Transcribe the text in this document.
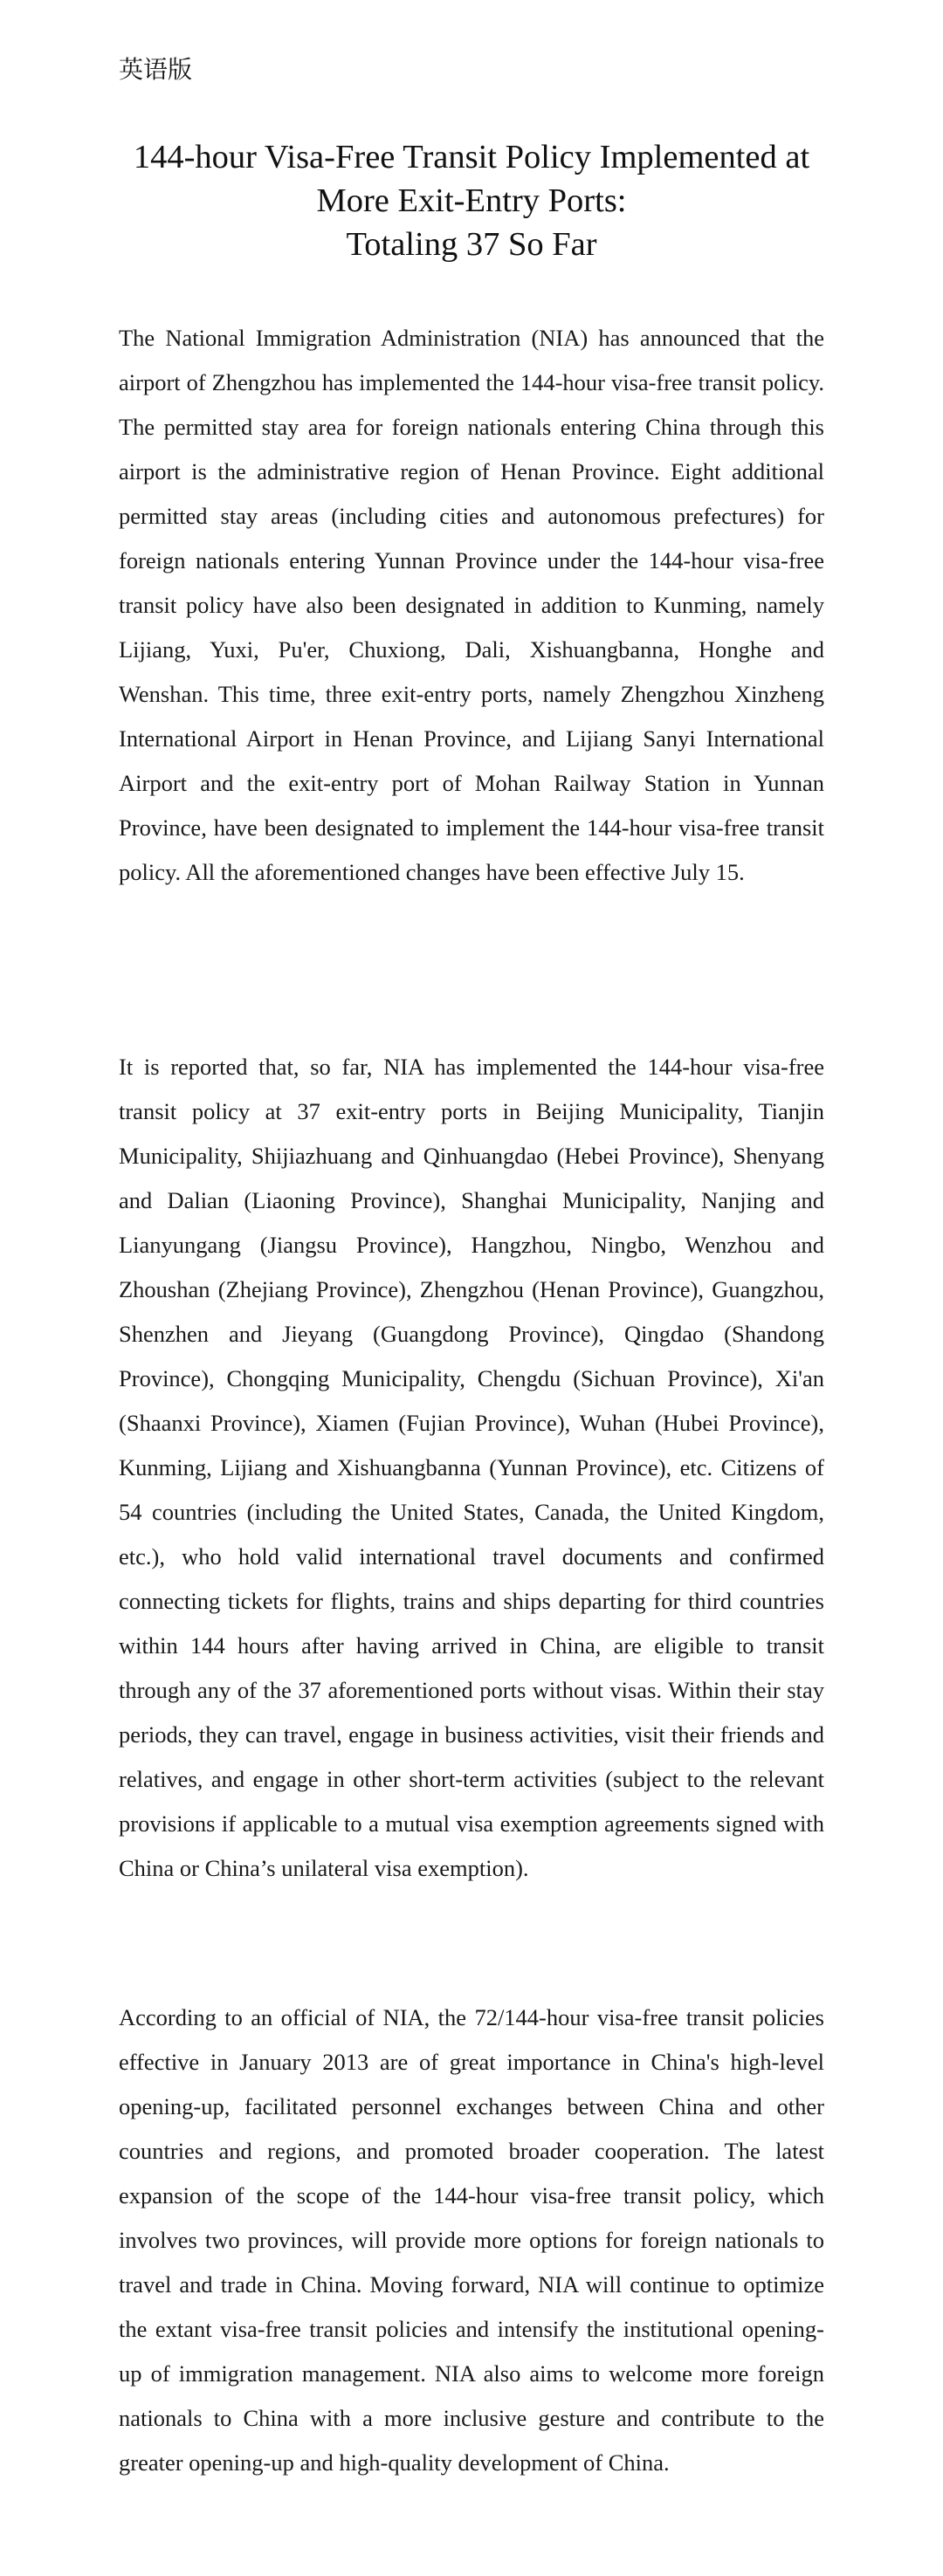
英语版
144-hour Visa-Free Transit Policy Implemented at
More Exit-Entry Ports:
Totaling 37 So Far

The National Immigration Administration (NIA) has announced that the airport of Zhengzhou has implemented the 144-hour visa-free transit policy. The permitted stay area for foreign nationals entering China through this airport is the administrative region of Henan Province. Eight additional permitted stay areas (including cities and autonomous prefectures) for foreign nationals entering Yunnan Province under the 144-hour visa-free transit policy have also been designated in addition to Kunming, namely Lijiang, Yuxi, Pu'er, Chuxiong, Dali, Xishuangbanna, Honghe and Wenshan. This time, three exit-entry ports, namely Zhengzhou Xinzheng International Airport in Henan Province, and Lijiang Sanyi International Airport and the exit-entry port of Mohan Railway Station in Yunnan Province, have been designated to implement the 144-hour visa-free transit policy. All the aforementioned changes have been effective July 15.

It is reported that, so far, NIA has implemented the 144-hour visa-free transit policy at 37 exit-entry ports in Beijing Municipality, Tianjin Municipality, Shijiazhuang and Qinhuangdao (Hebei Province), Shenyang and Dalian (Liaoning Province), Shanghai Municipality, Nanjing and Lianyungang (Jiangsu Province), Hangzhou, Ningbo, Wenzhou and Zhoushan (Zhejiang Province), Zhengzhou (Henan Province), Guangzhou, Shenzhen and Jieyang (Guangdong Province), Qingdao (Shandong Province), Chongqing Municipality, Chengdu (Sichuan Province), Xi'an (Shaanxi Province), Xiamen (Fujian Province), Wuhan (Hubei Province), Kunming, Lijiang and Xishuangbanna (Yunnan Province), etc. Citizens of 54 countries (including the United States, Canada, the United Kingdom, etc.), who hold valid international travel documents and confirmed connecting tickets for flights, trains and ships departing for third countries within 144 hours after having arrived in China, are eligible to transit through any of the 37 aforementioned ports without visas. Within their stay periods, they can travel, engage in business activities, visit their friends and relatives, and engage in other short-term activities (subject to the relevant provisions if applicable to a mutual visa exemption agreements signed with China or China’s unilateral visa exemption).

According to an official of NIA, the 72/144-hour visa-free transit policies effective in January 2013 are of great importance in China's high-level opening-up, facilitated personnel exchanges between China and other countries and regions, and promoted broader cooperation. The latest expansion of the scope of the 144-hour visa-free transit policy, which involves two provinces, will provide more options for foreign nationals to travel and trade in China. Moving forward, NIA will continue to optimize the extant visa-free transit policies and intensify the institutional opening-up of immigration management. NIA also aims to welcome more foreign nationals to China with a more inclusive gesture and contribute to the greater opening-up and high-quality development of China.
